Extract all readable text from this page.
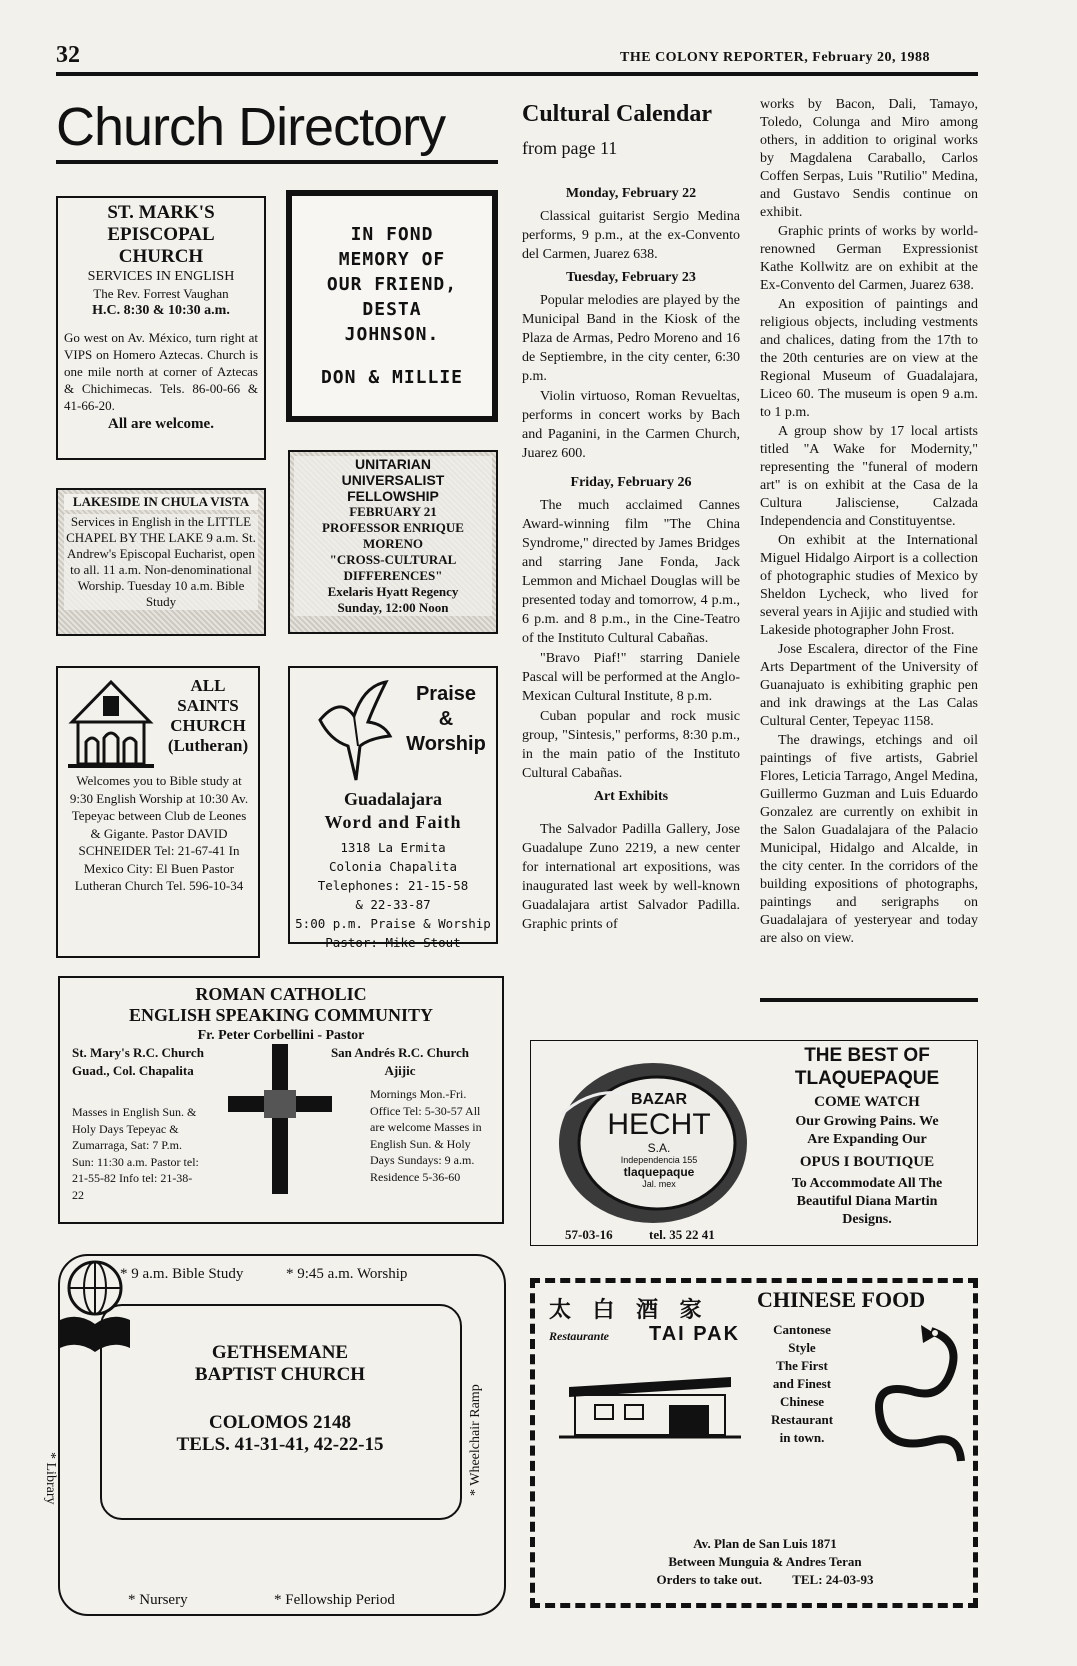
32	THE COLONY REPORTER, February 20, 1988
Church Directory
ST. MARK'S
EPISCOPAL
CHURCH
SERVICES IN ENGLISH
The Rev. Forrest Vaughan
H.C. 8:30 & 10:30 a.m.
Go west on Av. México, turn right at VIPS on Homero Aztecas. Church is one mile north at corner of Aztecas & Chichimecas. Tels. 86-00-66 & 41-66-20.
All are welcome.
IN FOND
MEMORY OF
OUR FRIEND,
DESTA
JOHNSON.
DON & MILLIE
LAKESIDE IN CHULA VISTA
Services in English in the LITTLE CHAPEL BY THE LAKE 9 a.m. St. Andrew's Episcopal Eucharist, open to all. 11 a.m. Non-denominational Worship. Tuesday 10 a.m. Bible Study
UNITARIAN
UNIVERSALIST
FELLOWSHIP
FEBRUARY 21
PROFESSOR ENRIQUE
MORENO
"CROSS-CULTURAL
DIFFERENCES"
Exelaris Hyatt Regency
Sunday, 12:00 Noon
ALL
SAINTS
CHURCH
(Lutheran)
Welcomes you to Bible study at 9:30 English Worship at 10:30 Av. Tepeyac between Club de Leones & Gigante. Pastor DAVID SCHNEIDER Tel: 21-67-41 In Mexico City: El Buen Pastor Lutheran Church Tel. 596-10-34
Praise
&
Worship
Guadalajara
Word and Faith
1318 La Ermita
Colonia Chapalita
Telephones: 21-15-58
& 22-33-87
5:00 p.m. Praise & Worship
Pastor: Mike Stout
ROMAN CATHOLIC
ENGLISH SPEAKING COMMUNITY
Fr. Peter Corbellini - Pastor
St. Mary's R.C. Church
Guad., Col. Chapalita
Masses in English Sun. & Holy Days Tepeyac & Zumarraga, Sat: 7 P.m. Sun: 11:30 a.m. Pastor tel: 21-55-82 Info tel: 21-38-22
San Andrés R.C. Church
Ajijic
Mornings Mon.-Fri. Office Tel: 5-30-57 All are welcome Masses in English Sun. & Holy Days Sundays: 9 a.m. Residence 5-36-60
* 9 a.m. Bible Study	* 9:45 a.m. Worship
GETHSEMANE
BAPTIST CHURCH
COLOMOS 2148
TELS. 41-31-41, 42-22-15
* Library	* Wheelchair Ramp
* Nursery	* Fellowship Period
Cultural Calendar
from page 11

Monday, February 22

Classical guitarist Sergio Medina performs, 9 p.m., at the ex-Convento del Carmen, Juarez 638.

Tuesday, February 23

Popular melodies are played by the Municipal Band in the Kiosk of the Plaza de Armas, Pedro Moreno and 16 de Septiembre, in the city center, 6:30 p.m.

Violin virtuoso, Roman Revueltas, performs in concert works by Bach and Paganini, in the Carmen Church, Juarez 600.

Friday, February 26

The much acclaimed Cannes Award-winning film "The China Syndrome," directed by James Bridges and starring Jane Fonda, Jack Lemmon and Michael Douglas will be presented today and tomorrow, 4 p.m., 6 p.m. and 8 p.m., in the Cine-Teatro of the Instituto Cultural Cabañas.

"Bravo Piaf!" starring Daniele Pascal will be performed at the Anglo-Mexican Cultural Institute, 8 p.m.

Cuban popular and rock music group, "Sintesis," performs, 8:30 p.m., in the main patio of the Instituto Cultural Cabañas.

Art Exhibits

The Salvador Padilla Gallery, Jose Guadalupe Zuno 2219, a new center for international art expositions, was inaugurated last week by well-known Guadalajara artist Salvador Padilla. Graphic prints of

works by Bacon, Dali, Tamayo, Toledo, Colunga and Miro among others, in addition to original works by Magdalena Caraballo, Carlos Coffen Serpas, Luis "Rutilio" Medina, and Gustavo Sendis continue on exhibit.

Graphic prints of works by world-renowned German Expressionist Kathe Kollwitz are on exhibit at the Ex-Convento del Carmen, Juarez 638.

An exposition of paintings and religious objects, including vestments and chalices, dating from the 17th to the 20th centuries are on view at the Regional Museum of Guadalajara, Liceo 60. The museum is open 9 a.m. to 1 p.m.

A group show by 17 local artists titled "A Wake for Modernity," representing the "funeral of modern art" is on exhibit at the Casa de la Cultura Jalisciense, Calzada Independencia and Constituyentse.

On exhibit at the International Miguel Hidalgo Airport is a collection of photographic studies of Mexico by Sheldon Lycheck, who lived for several years in Ajijic and studied with Lakeside photographer John Frost.

Jose Escalera, director of the Fine Arts Department of the University of Guanajuato is exhibiting graphic pen and ink drawings at the Las Calas Cultural Center, Tepeyac 1158.

The drawings, etchings and oil paintings of five artists, Gabriel Flores, Leticia Tarrago, Angel Medina, Guillermo Guzman and Luis Eduardo Gonzalez are currently on exhibit in the Salon Guadalajara of the Palacio Municipal, Hidalgo and Alcalde, in the city center. In the corridors of the building expositions of photographs, paintings and serigraphs on Guadalajara of yesteryear and today are also on view.

BAZAR
HECHT
S.A.
Independencia 155
tlaquepaque
Jal. mex
57-03-16	tel. 35 22 41
THE BEST OF
TLAQUEPAQUE
COME WATCH
Our Growing Pains. We
Are Expanding Our
OPUS I BOUTIQUE
To Accommodate All The
Beautiful Diana Martin
Designs.
太 白 酒 家
Restaurante TAI PAK
CHINESE FOOD
Cantonese
Style
The First
and Finest
Chinese
Restaurant
in town.
Av. Plan de San Luis 1871
Between Munguia & Andres Teran
Orders to take out. TEL: 24-03-93
